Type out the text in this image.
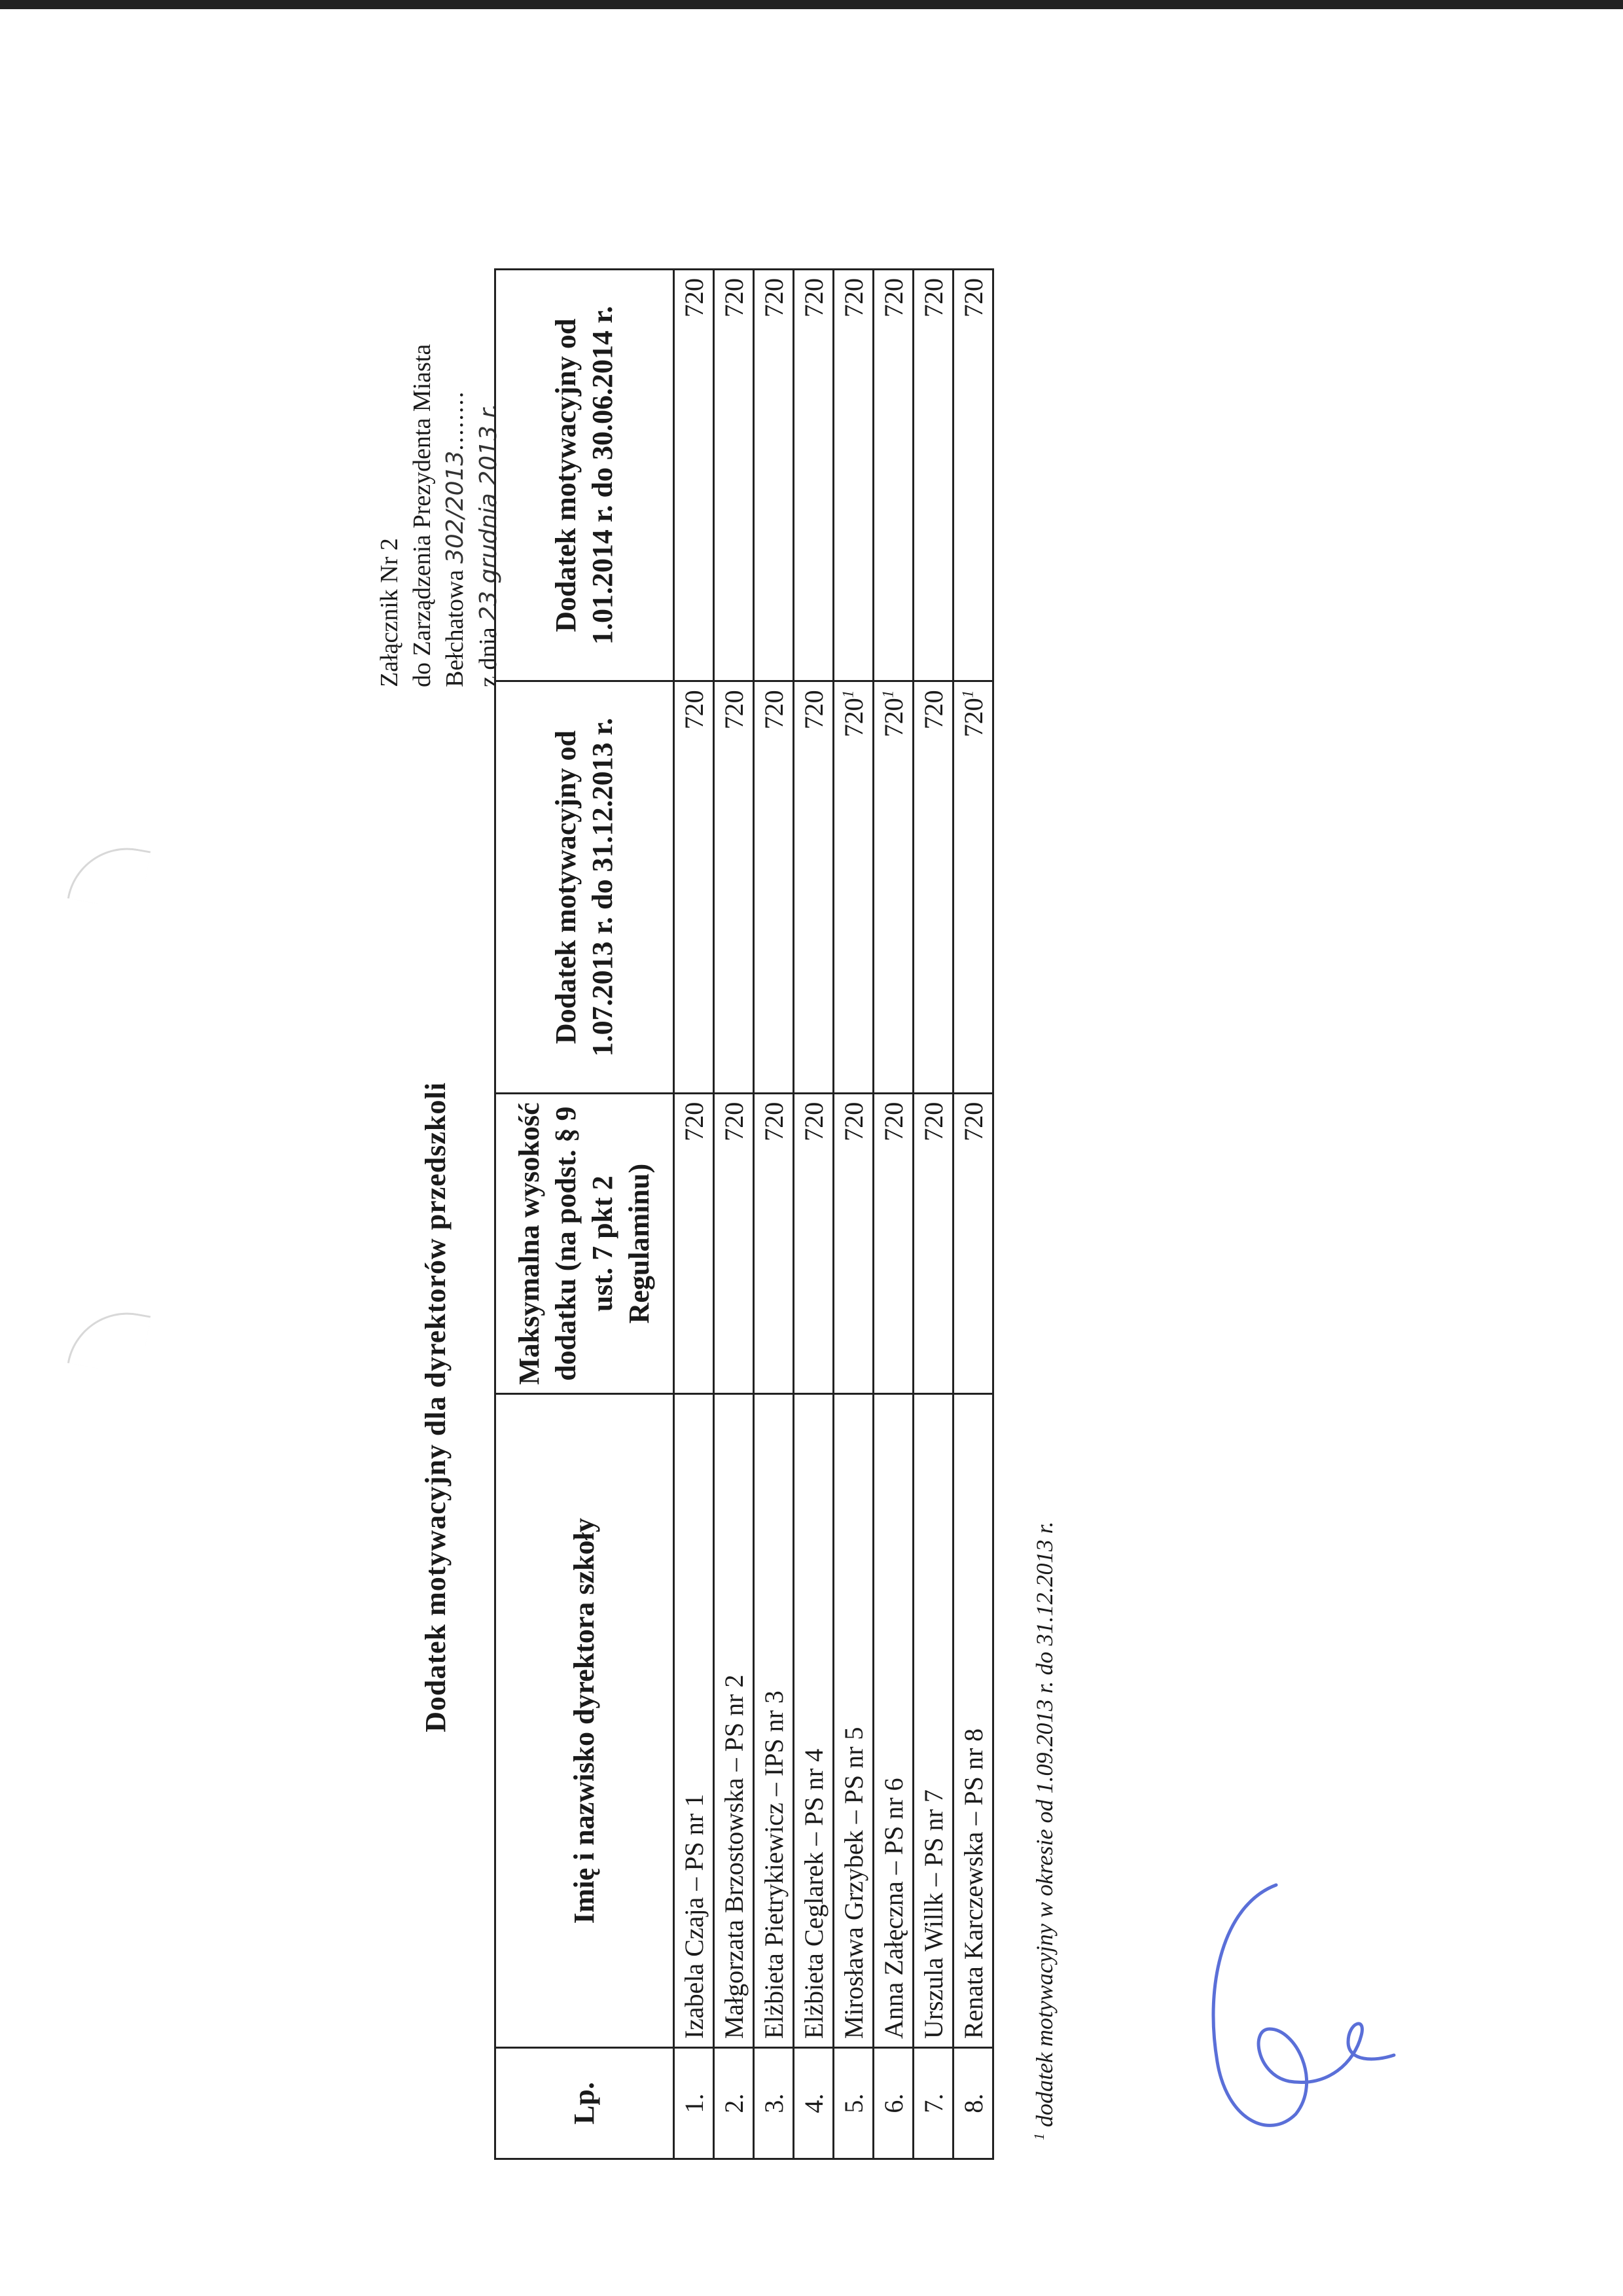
Załącznik Nr 2 do Zarządzenia Prezydenta Miasta Bełchatowa 302/2013........
z dnia 23 grudnia 2013 r.
Dodatek motywacyjny dla dyrektorów przedszkoli
Lp.	Imię i nazwisko dyrektora szkoły	Maksymalna wysokość dodatku (na podst. § 9 ust. 7 pkt 2 Regulaminu)	Dodatek motywacyjny od 1.07.2013 r. do 31.12.2013 r.	Dodatek motywacyjny od 1.01.2014 r. do 30.06.2014 r.
1.	Izabela Czaja – PS nr 1	720	720	720
2.	Małgorzata Brzostowska – PS nr 2	720	720	720
3.	Elżbieta Pietrykiewicz – IPS nr 3	720	720	720
4.	Elżbieta Ceglarek – PS nr 4	720	720	720
5.	Mirosława Grzybek – PS nr 5	720	$720^1$	720
6.	Anna Załęczna – PS nr 6	720	$720^1$	720
7.	Urszula Willk – PS nr 7	720	720	720
8.	Renata Karczewska – PS nr 8	720	$720^1$	720
$^1$ dodatek motywacyjny w okresie od 1.09.2013 r. do 31.12.2013 r.
